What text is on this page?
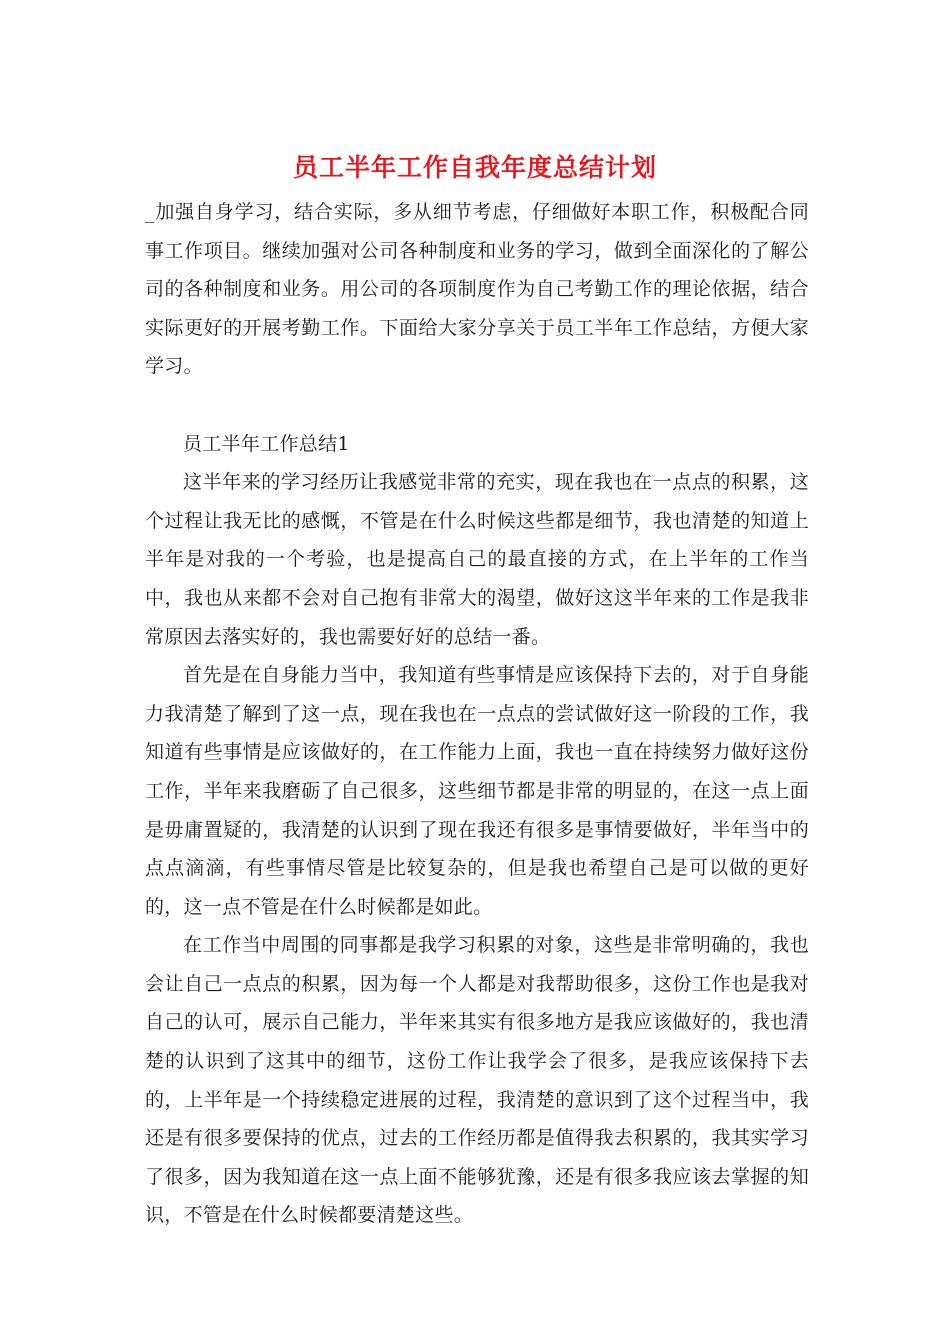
员工半年工作自我年度总结计划

_加强自身学习，结合实际，多从细节考虑，仔细做好本职工作，积极配合同事工作项目。继续加强对公司各种制度和业务的学习，做到全面深化的了解公司的各种制度和业务。用公司的各项制度作为自己考勤工作的理论依据，结合实际更好的开展考勤工作。下面给大家分享关于员工半年工作总结，方便大家学习。

员工半年工作总结1

这半年来的学习经历让我感觉非常的充实，现在我也在一点点的积累，这个过程让我无比的感慨，不管是在什么时候这些都是细节，我也清楚的知道上半年是对我的一个考验，也是提高自己的最直接的方式，在上半年的工作当中，我也从来都不会对自己抱有非常大的渴望，做好这这半年来的工作是我非常原因去落实好的，我也需要好好的总结一番。

首先是在自身能力当中，我知道有些事情是应该保持下去的，对于自身能力我清楚了解到了这一点，现在我也在一点点的尝试做好这一阶段的工作，我知道有些事情是应该做好的，在工作能力上面，我也一直在持续努力做好这份工作，半年来我磨砺了自己很多，这些细节都是非常的明显的，在这一点上面是毋庸置疑的，我清楚的认识到了现在我还有很多是事情要做好，半年当中的点点滴滴，有些事情尽管是比较复杂的，但是我也希望自己是可以做的更好的，这一点不管是在什么时候都是如此。

在工作当中周围的同事都是我学习积累的对象，这些是非常明确的，我也会让自己一点点的积累，因为每一个人都是对我帮助很多，这份工作也是我对自己的认可，展示自己能力，半年来其实有很多地方是我应该做好的，我也清楚的认识到了这其中的细节，这份工作让我学会了很多，是我应该保持下去的，上半年是一个持续稳定进展的过程，我清楚的意识到了这个过程当中，我还是有很多要保持的优点，过去的工作经历都是值得我去积累的，我其实学习了很多，因为我知道在这一点上面不能够犹豫，还是有很多我应该去掌握的知识，不管是在什么时候都要清楚这些。
